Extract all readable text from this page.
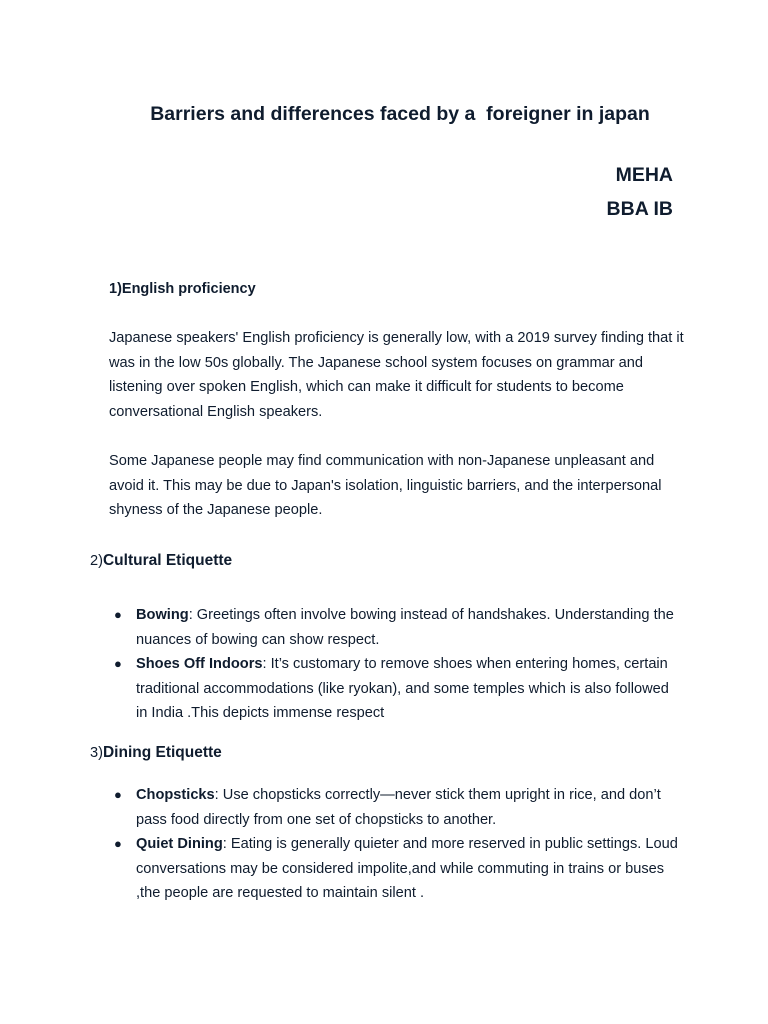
Barriers and differences faced by a  foreigner in japan
MEHA
BBA IB
1)English proficiency
Japanese speakers' English proficiency is generally low, with a 2019 survey finding that it was in the low 50s globally. The Japanese school system focuses on grammar and listening over spoken English, which can make it difficult for students to become conversational English speakers.
Some Japanese people may find communication with non-Japanese unpleasant and avoid it. This may be due to Japan's isolation, linguistic barriers, and the interpersonal shyness of the Japanese people.
2)Cultural Etiquette
● Bowing: Greetings often involve bowing instead of handshakes. Understanding the nuances of bowing can show respect.
● Shoes Off Indoors: It’s customary to remove shoes when entering homes, certain traditional accommodations (like ryokan), and some temples which is also followed in India .This depicts immense respect
3)Dining Etiquette
● Chopsticks: Use chopsticks correctly—never stick them upright in rice, and don’t pass food directly from one set of chopsticks to another.
● Quiet Dining: Eating is generally quieter and more reserved in public settings. Loud conversations may be considered impolite,and while commuting in trains or buses ,the people are requested to maintain silent .
